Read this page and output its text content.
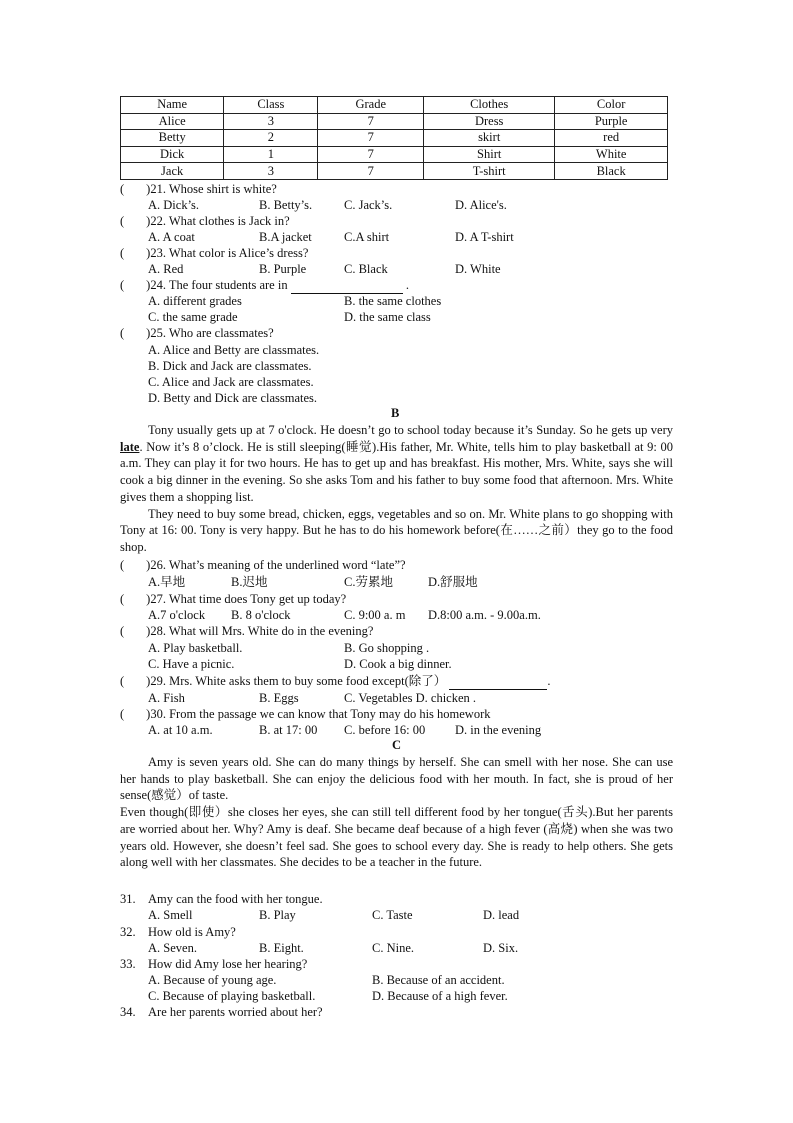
Name	Class	Grade	Clothes	Color
Alice	3	7	Dress	Purple
Betty	2	7	skirt	red
Dick	1	7	Shirt	White
Jack	3	7	T-shirt	Black
( )21. Whose shirt is white?
A. Dick’s.	B. Betty’s.	C. Jack’s.	D. Alice's.
( )22. What clothes is Jack in?
A. A coat	B.A jacket	C.A shirt	D. A T-shirt
( )23. What color is Alice’s dress?
A. Red	B. Purple	C. Black	D. White
( )24. The four students are in	.
A. different grades	B. the same clothes
C. the same grade	D. the same class
( )25. Who are classmates?
A. Alice and Betty are classmates.
B. Dick and Jack are classmates.
C. Alice and Jack are classmates.
D. Betty and Dick are classmates.
B

Tony usually gets up at 7 o'clock. He doesn’t go to school today because it’s Sunday. So he gets up very late. Now it’s 8 o’clock. He is still sleeping(睡觉).His father, Mr. White, tells him to play basketball at 9: 00 a.m. They can play it for two hours. He has to get up and has breakfast. His mother, Mrs. White, says she will cook a big dinner in the evening. So she asks Tom and his father to buy some food that afternoon. Mrs. White gives them a shopping list.

They need to buy some bread, chicken, eggs, vegetables and so on. Mr. White plans to go shopping with Tony at 16: 00. Tony is very happy. But he has to do his homework before(在……之前）they go to the food shop.

( )26. What’s meaning of the underlined word “late”?
A.早地	B.迟地	C.劳累地	D.舒服地
( )27. What time does Tony get up today?
A.7 o'clock B. 8 o'clock	C. 9:00 a. m D.8:00 a.m. - 9.00a.m.
( )28. What will Mrs. White do in the evening?
A. Play basketball.	B. Go shopping .
C. Have a picnic.	D. Cook a big dinner.
( )29. Mrs. White asks them to buy some food except(除了）	.
A. Fish	B. Eggs	C. Vegetables D. chicken .
( )30. From the passage we can know that Tony may do his homework
A. at 10 a.m.	B. at 17: 00 C. before 16: 00 D. in the evening
C

Amy is seven years old. She can do many things by herself. She can smell with her nose. She can use her hands to play basketball. She can enjoy the delicious food with her mouth. In fact, she is proud of her sense(感觉）of taste.

Even though(即使）she closes her eyes, she can still tell different food by her tongue(舌头).But her parents are worried about her. Why? Amy is deaf. She became deaf because of a high fever (高烧) when she was two years old. However, she doesn’t feel sad. She goes to school every day. She is ready to help others. She gets along well with her classmates. She decides to be a teacher in the future.

31. Amy can the food with her tongue.
A. Smell	B. Play	C. Taste	D. lead
32. How old is Amy?
A. Seven.	B. Eight.	C. Nine.	D. Six.
33. How did Amy lose her hearing?
A. Because of young age.	B. Because of an accident.
C. Because of playing basketball.	D. Because of a high fever.
34. Are her parents worried about her?
